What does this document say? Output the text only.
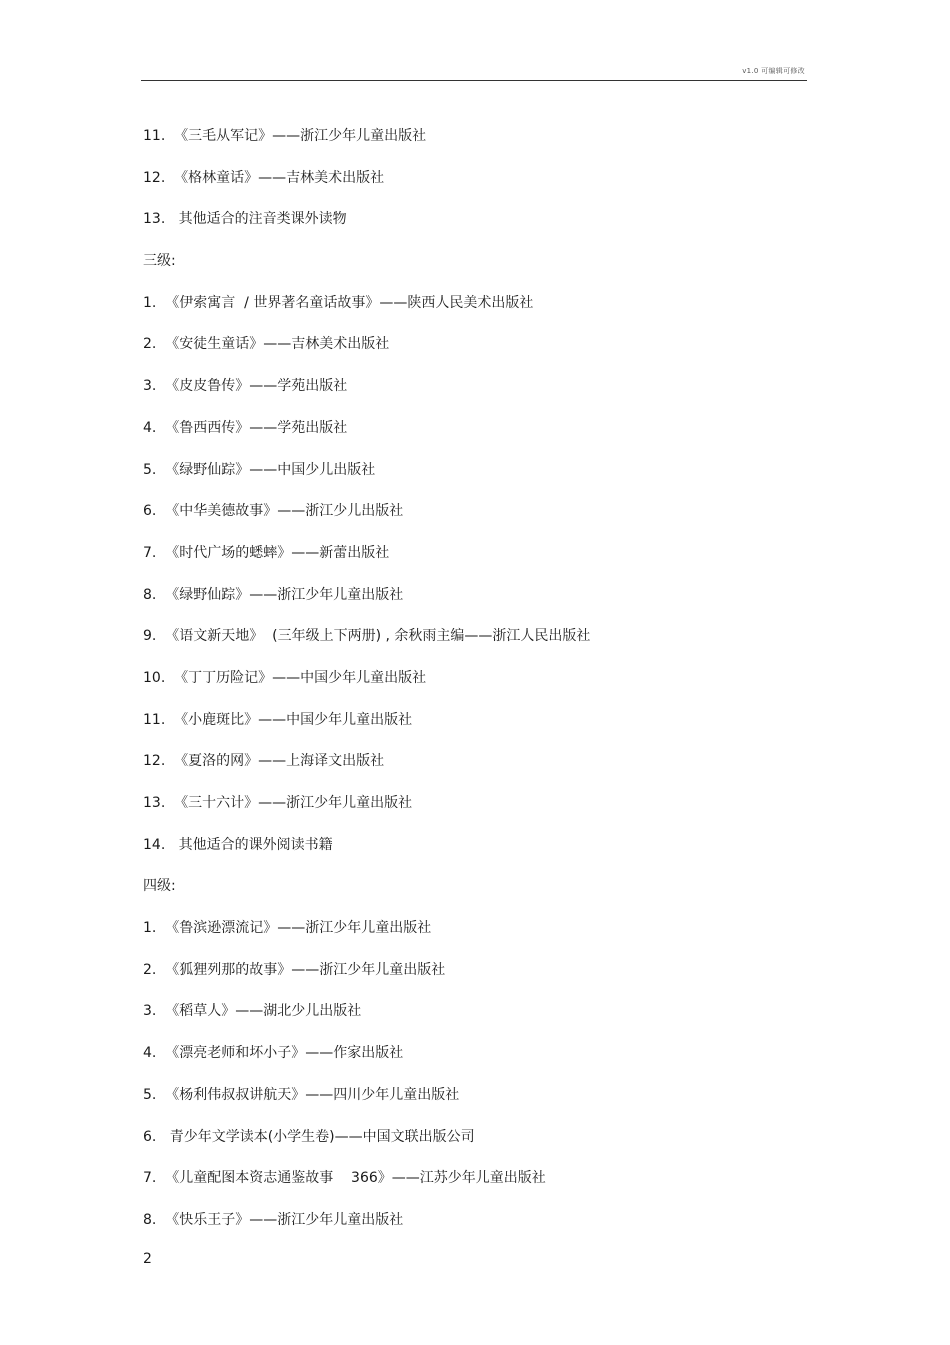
v1.0 可编辑可修改
11.  《三毛从军记》——浙江少年儿童出版社
12.  《格林童话》——吉林美术出版社
13.   其他适合的注音类课外读物
三级:
1.  《伊索寓言  / 世界著名童话故事》——陕西人民美术出版社
2.  《安徒生童话》——吉林美术出版社
3.  《皮皮鲁传》——学苑出版社
4.  《鲁西西传》——学苑出版社
5.  《绿野仙踪》——中国少儿出版社
6.  《中华美德故事》——浙江少儿出版社
7.  《时代广场的蟋蟀》——新蕾出版社
8.  《绿野仙踪》——浙江少年儿童出版社
9.  《语文新天地》  (三年级上下两册) , 余秋雨主编——浙江人民出版社
10.  《丁丁历险记》——中国少年儿童出版社
11.  《小鹿斑比》——中国少年儿童出版社
12.  《夏洛的网》——上海译文出版社
13.  《三十六计》——浙江少年儿童出版社
14.   其他适合的课外阅读书籍
四级:
1.  《鲁滨逊漂流记》——浙江少年儿童出版社
2.  《狐狸列那的故事》——浙江少年儿童出版社
3.  《稻草人》——湖北少儿出版社
4.  《漂亮老师和坏小子》——作家出版社
5.  《杨利伟叔叔讲航天》——四川少年儿童出版社
6.   青少年文学读本(小学生卷)——中国文联出版公司
7.  《儿童配图本资志通鉴故事    366》——江苏少年儿童出版社
8.  《快乐王子》——浙江少年儿童出版社
2
